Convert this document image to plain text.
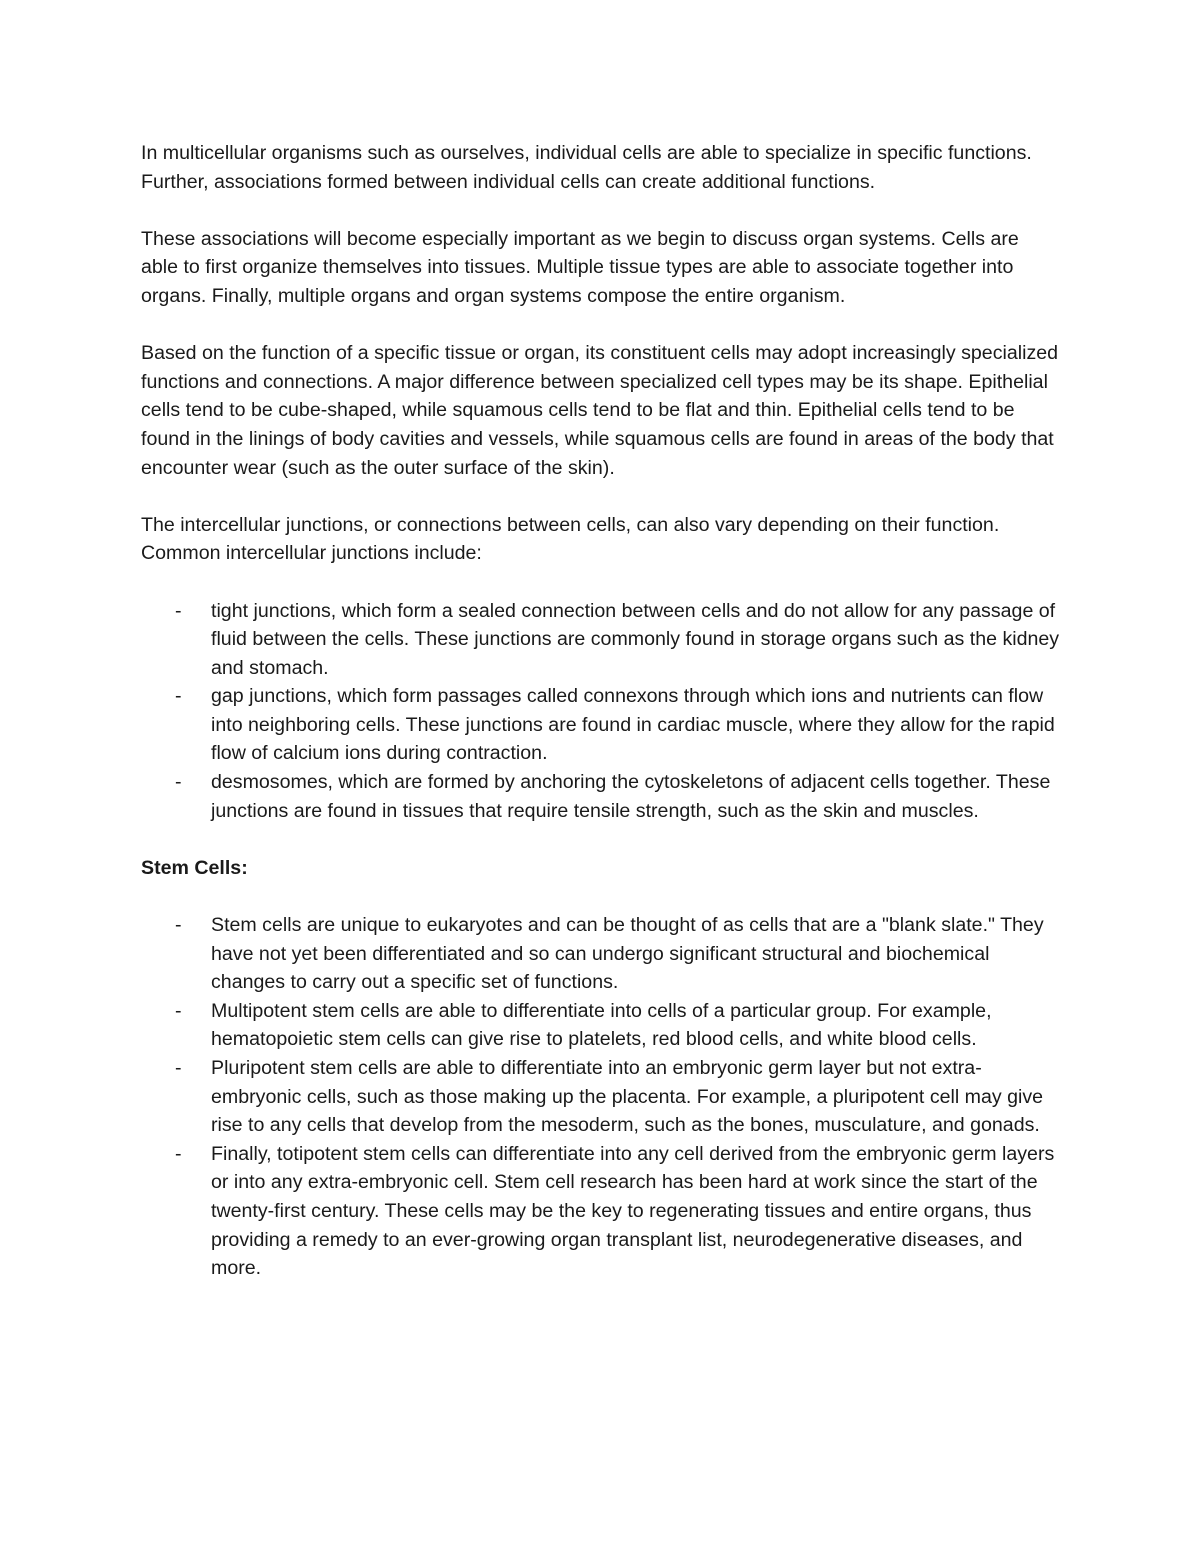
In multicellular organisms such as ourselves, individual cells are able to specialize in specific functions. Further, associations formed between individual cells can create additional functions.

These associations will become especially important as we begin to discuss organ systems. Cells are able to first organize themselves into tissues. Multiple tissue types are able to associate together into organs. Finally, multiple organs and organ systems compose the entire organism.

Based on the function of a specific tissue or organ, its constituent cells may adopt increasingly specialized functions and connections. A major difference between specialized cell types may be its shape. Epithelial cells tend to be cube-shaped, while squamous cells tend to be flat and thin. Epithelial cells tend to be found in the linings of body cavities and vessels, while squamous cells are found in areas of the body that encounter wear (such as the outer surface of the skin).

The intercellular junctions, or connections between cells, can also vary depending on their function. Common intercellular junctions include:

- tight junctions, which form a sealed connection between cells and do not allow for any passage of fluid between the cells. These junctions are commonly found in storage organs such as the kidney and stomach.
- gap junctions, which form passages called connexons through which ions and nutrients can flow into neighboring cells. These junctions are found in cardiac muscle, where they allow for the rapid flow of calcium ions during contraction.
- desmosomes, which are formed by anchoring the cytoskeletons of adjacent cells together. These junctions are found in tissues that require tensile strength, such as the skin and muscles.

Stem Cells:

- Stem cells are unique to eukaryotes and can be thought of as cells that are a "blank slate." They have not yet been differentiated and so can undergo significant structural and biochemical changes to carry out a specific set of functions.
- Multipotent stem cells are able to differentiate into cells of a particular group. For example, hematopoietic stem cells can give rise to platelets, red blood cells, and white blood cells.
- Pluripotent stem cells are able to differentiate into an embryonic germ layer but not extra-embryonic cells, such as those making up the placenta. For example, a pluripotent cell may give rise to any cells that develop from the mesoderm, such as the bones, musculature, and gonads.
- Finally, totipotent stem cells can differentiate into any cell derived from the embryonic germ layers or into any extra-embryonic cell. Stem cell research has been hard at work since the start of the twenty-first century. These cells may be the key to regenerating tissues and entire organs, thus providing a remedy to an ever-growing organ transplant list, neurodegenerative diseases, and more.
